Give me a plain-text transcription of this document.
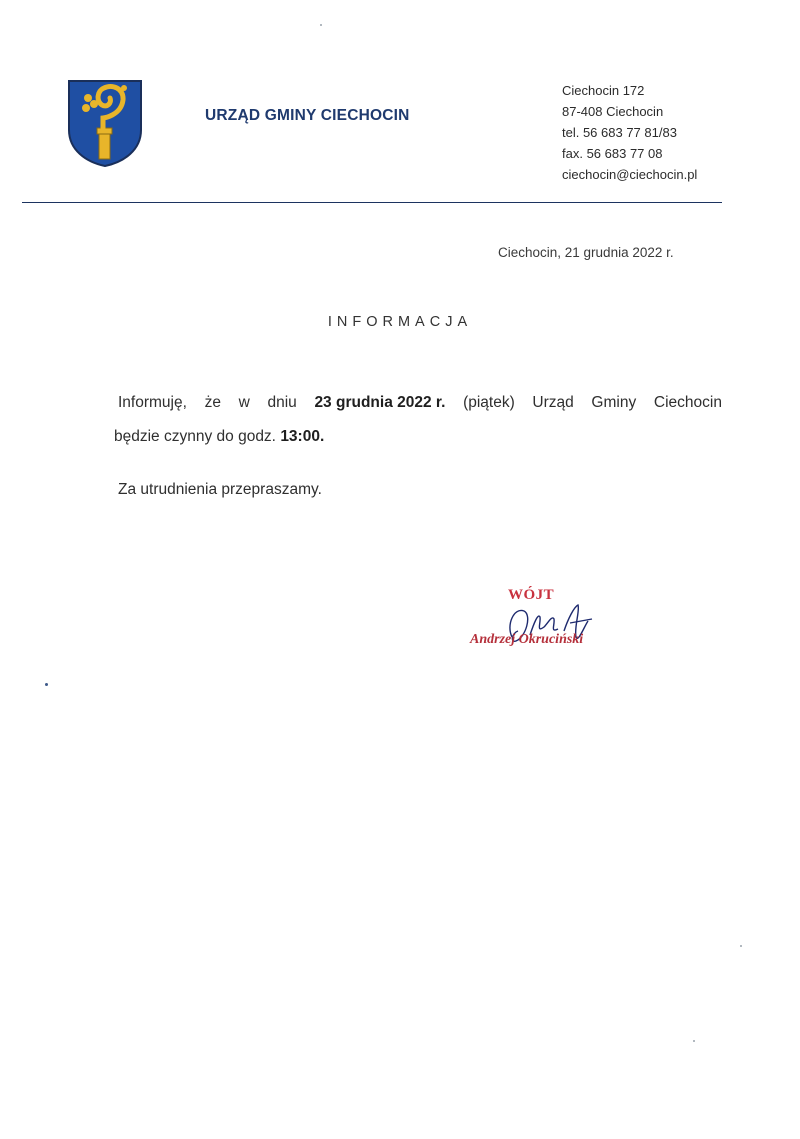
URZĄD GMINY CIECHOCIN
Ciechocin 172
87-408 Ciechocin
tel. 56 683 77 81/83
fax. 56 683 77 08
ciechocin@ciechocin.pl
Ciechocin, 21 grudnia 2022 r.
INFORMACJA
Informuję, że w dniu 23 grudnia 2022 r. (piątek) Urząd Gminy Ciechocin
będzie czynny do godz. 13:00.
Za utrudnienia przepraszamy.
WÓJT
Andrzej Okruciński
